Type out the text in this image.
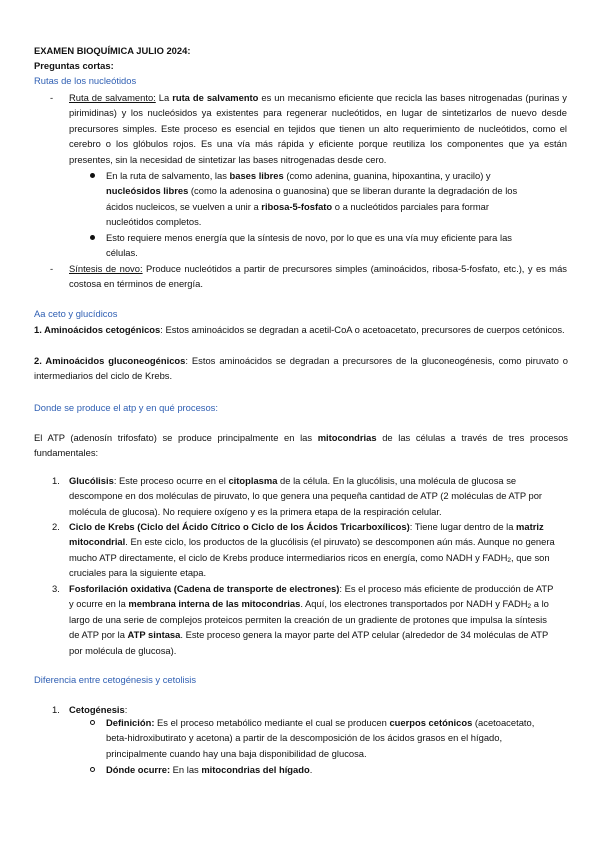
EXAMEN BIOQUÍMICA JULIO 2024:
Preguntas cortas:
Rutas de los nucleótidos
- Ruta de salvamento: La ruta de salvamento es un mecanismo eficiente que recicla las bases nitrogenadas (purinas y pirimidinas) y los nucleósidos ya existentes para regenerar nucleótidos, en lugar de sintetizarlos de nuevo desde precursores simples. Este proceso es esencial en tejidos que tienen un alto requerimiento de nucleótidos, como el cerebro o los glóbulos rojos. Es una vía más rápida y eficiente porque reutiliza los componentes que ya están presentes, sin la necesidad de sintetizar las bases nitrogenadas desde cero.
En la ruta de salvamento, las bases libres (como adenina, guanina, hipoxantina, y uracilo) y nucleósidos libres (como la adenosina o guanosina) que se liberan durante la degradación de los ácidos nucleicos, se vuelven a unir a ribosa-5-fosfato o a nucleótidos parciales para formar nucleótidos completos.
Esto requiere menos energía que la síntesis de novo, por lo que es una vía muy eficiente para las células.
- Síntesis de novo: Produce nucleótidos a partir de precursores simples (aminoácidos, ribosa-5-fosfato, etc.), y es más costosa en términos de energía.
Aa ceto y glucídicos
1. Aminoácidos cetogénicos: Estos aminoácidos se degradan a acetil-CoA o acetoacetato, precursores de cuerpos cetónicos.
2. Aminoácidos gluconeogénicos: Estos aminoácidos se degradan a precursores de la gluconeogénesis, como piruvato o intermediarios del ciclo de Krebs.
Donde se produce el atp y en qué procesos:
El ATP (adenosín trifosfato) se produce principalmente en las mitocondrias de las células a través de tres procesos fundamentales:
1. Glucólisis: Este proceso ocurre en el citoplasma de la célula. En la glucólisis, una molécula de glucosa se descompone en dos moléculas de piruvato, lo que genera una pequeña cantidad de ATP (2 moléculas de ATP por molécula de glucosa). No requiere oxígeno y es la primera etapa de la respiración celular.
2. Ciclo de Krebs (Ciclo del Ácido Cítrico o Ciclo de los Ácidos Tricarboxílicos): Tiene lugar dentro de la matriz mitocondrial. En este ciclo, los productos de la glucólisis (el piruvato) se descomponen aún más. Aunque no genera mucho ATP directamente, el ciclo de Krebs produce intermediarios ricos en energía, como NADH y $FADH_2$, que son cruciales para la siguiente etapa.
3. Fosforilación oxidativa (Cadena de transporte de electrones): Es el proceso más eficiente de producción de ATP y ocurre en la membrana interna de las mitocondrias. Aquí, los electrones transportados por NADH y $FADH_2$ a lo largo de una serie de complejos proteicos permiten la creación de un gradiente de protones que impulsa la síntesis de ATP por la ATP sintasa. Este proceso genera la mayor parte del ATP celular (alrededor de 34 moléculas de ATP por molécula de glucosa).
Diferencia entre cetogénesis y cetolisis
1. Cetogénesis:
Definición: Es el proceso metabólico mediante el cual se producen cuerpos cetónicos (acetoacetato, beta-hidroxibutirato y acetona) a partir de la descomposición de los ácidos grasos en el hígado, principalmente cuando hay una baja disponibilidad de glucosa.
Dónde ocurre: En las mitocondrias del hígado.
